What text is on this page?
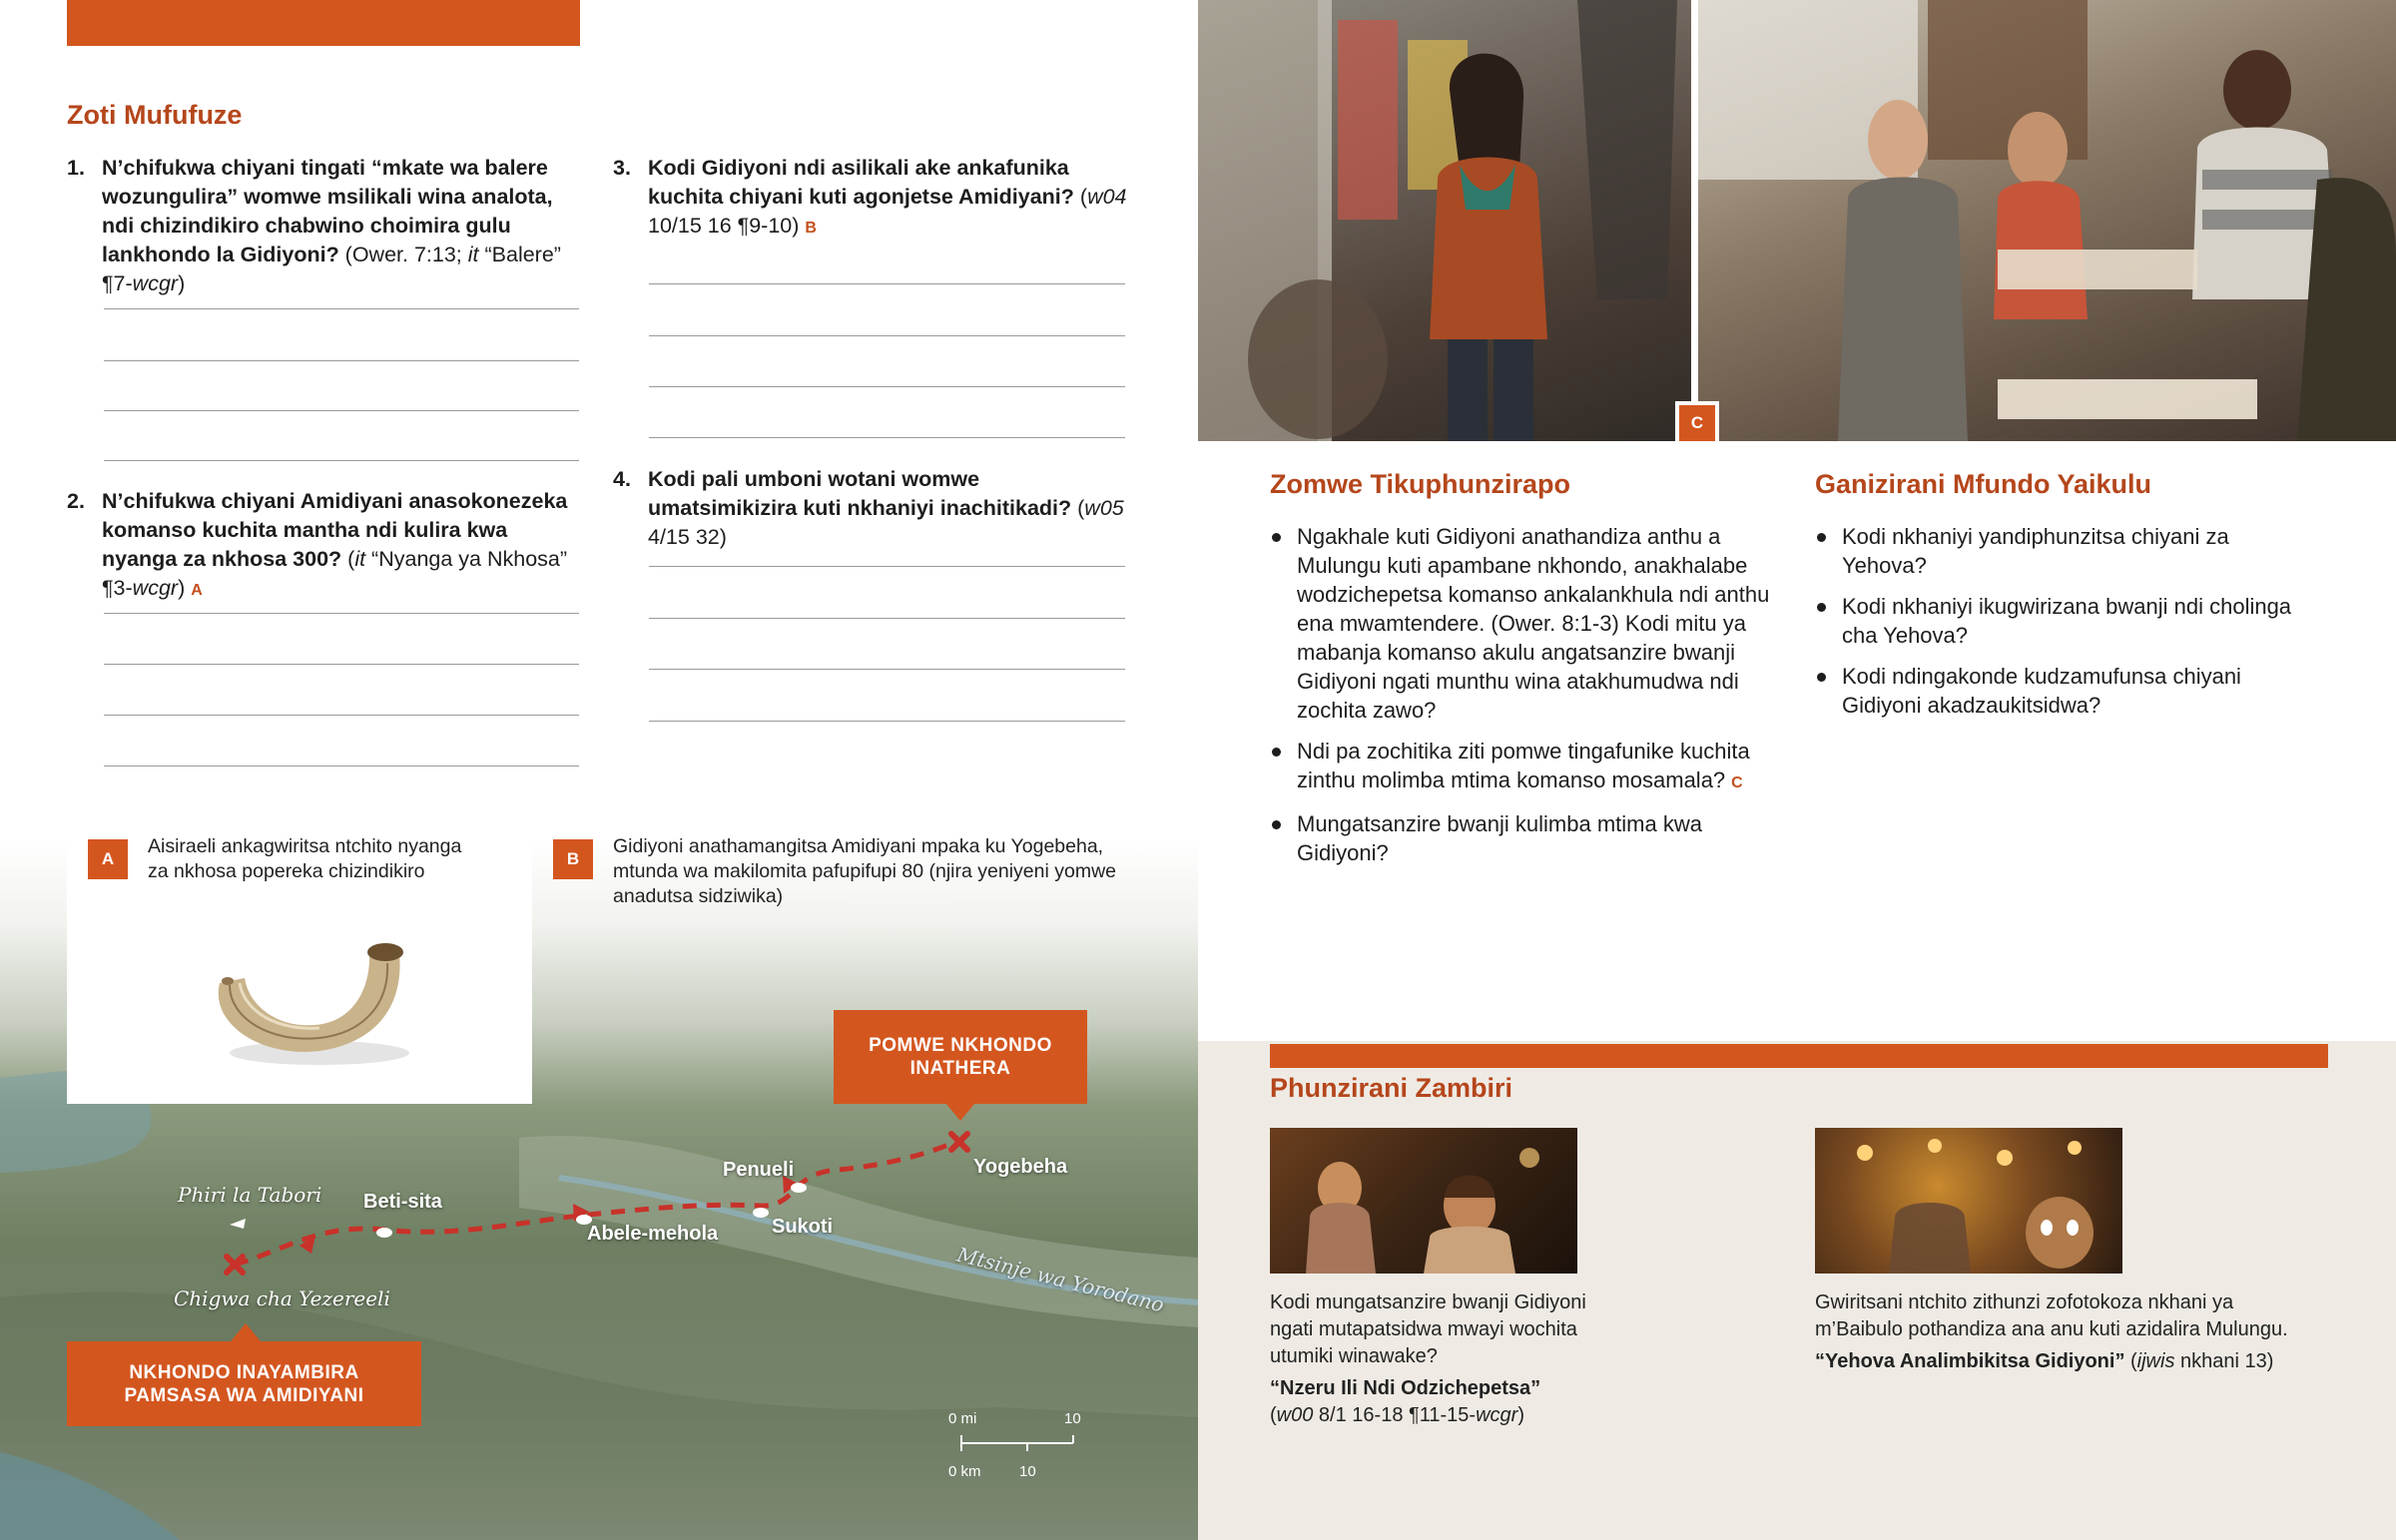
Zoti Mufufuze
1. N’chifukwa chiyani tingati “mkate wa balere wozungulira” womwe msilikali wina analota, ndi chizindikiro chabwino choimira gulu lankhondo la Gidiyoni? (Ower. 7:13; it “Balere” ¶7-wcgr)
2. N’chifukwa chiyani Amidiyani anasokonezeka komanso kuchita mantha ndi kulira kwa nyanga za nkhosa 300? (it “Nyanga ya Nkhosa” ¶3-wcgr) A
3. Kodi Gidiyoni ndi asilikali ake ankafunika kuchita chiyani kuti agonjetse Amidiyani? (w04 10/15 16 ¶9-10) B
4. Kodi pali umboni wotani womwe umatsimikizira kuti nkhaniyi inachitikadi? (w05 4/15 32)
Phiri la Tabori Beti-sita
Abele-mehola
Penueli
Sukoti
Yogebeha
Chigwa cha Yezereeli	Mtsinje wa Yorodano
POMWE NKHONDO INATHERA
NKHONDO INAYAMBIRA PAMSASA WA AMIDIYANI
0 mi	10
0 km	10
A
Aisiraeli ankagwiritsa ntchito nyanga za nkhosa popereka chizindikiro
B
Gidiyoni anathamangitsa Amidiyani mpaka ku Yogebeha, mtunda wa makilomita pafupifupi 80 (njira yeniyeni yomwe anadutsa sidziwika)
C
Zomwe Tikuphunzirapo
Ngakhale kuti Gidiyoni anathandiza anthu a Mulungu kuti apambane nkhondo, anakhalabe wodzichepetsa komanso ankalankhula ndi anthu ena mwamtendere. (Ower. 8:1-3) Kodi mitu ya mabanja komanso akulu angatsanzire bwanji Gidiyoni ngati munthu wina atakhumudwa ndi zochita zawo?
Ndi pa zochitika ziti pomwe tingafunike kuchita zinthu molimba mtima komanso mosamala? C
Mungatsanzire bwanji kulimba mtima kwa Gidiyoni?
Ganizirani Mfundo Yaikulu
Kodi nkhaniyi yandiphunzitsa chiyani za Yehova?
Kodi nkhaniyi ikugwirizana bwanji ndi cholinga cha Yehova?
Kodi ndingakonde kudzamufunsa chiyani Gidiyoni akadzaukitsidwa?
Phunzirani Zambiri
Kodi mungatsanzire bwanji Gidiyoni ngati mutapatsidwa mwayi wochita utumiki winawake?
“Nzeru Ili Ndi Odzichepetsa”
(w00 8/1 16-18 ¶11-15-wcgr)
Gwiritsani ntchito zithunzi zofotokoza nkhani ya m’Baibulo pothandiza ana anu kuti azidalira Mulungu.
“Yehova Analimbikitsa Gidiyoni” (ijwis nkhani 13)
